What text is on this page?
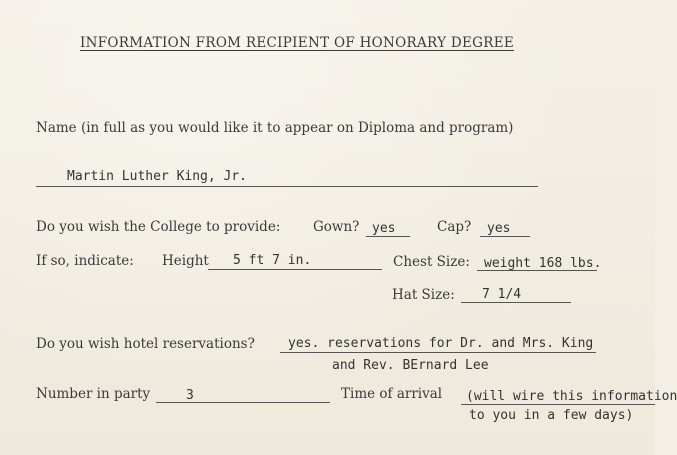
INFORMATION FROM RECIPIENT OF HONORARY DEGREE
Name (in full as you would like it to appear on Diploma and program)
Martin Luther King, Jr.
Do you wish the College to provide: Gown? yes	Cap? yes
If so, indicate: Height 5 ft 7 in.	Chest Size: weight 168 lbs.
Hat Size: 7 1/4
Do you wish hotel reservations?	yes. reservations for Dr. and Mrs. King
and Rev. BErnard Lee
Number in party	3	Time of arrival (will wire this information
to you in a few days)
